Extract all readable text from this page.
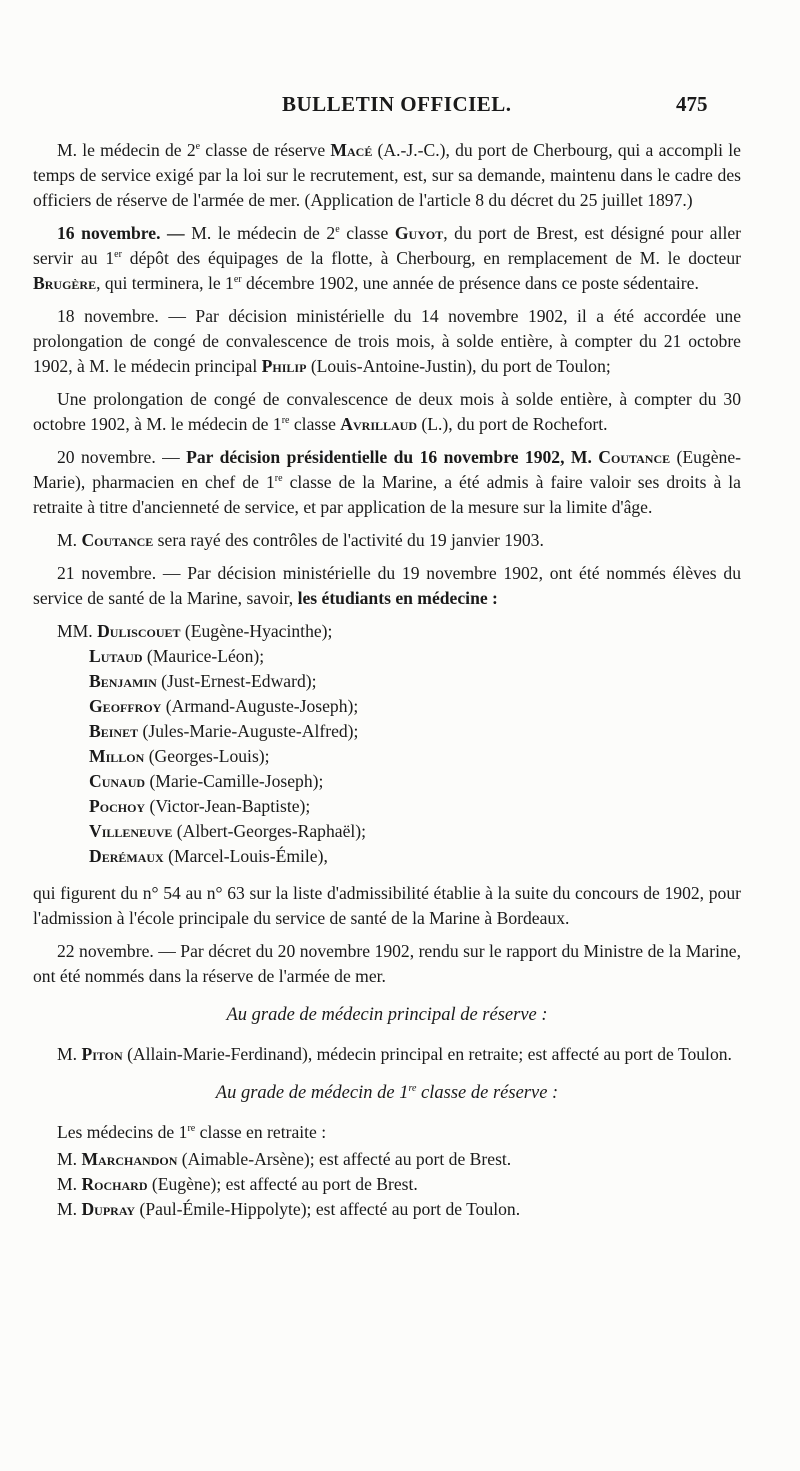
BULLETIN OFFICIEL.	475

M. le médecin de 2e classe de réserve Macé (A.-J.-C.), du port de Cherbourg, qui a accompli le temps de service exigé par la loi sur le recrutement, est, sur sa demande, maintenu dans le cadre des officiers de réserve de l'armée de mer. (Application de l'article 8 du décret du 25 juillet 1897.)

16 novembre. — M. le médecin de 2e classe Guyot, du port de Brest, est désigné pour aller servir au 1er dépôt des équipages de la flotte, à Cherbourg, en remplacement de M. le docteur Brugère, qui terminera, le 1er décembre 1902, une année de présence dans ce poste sédentaire.

18 novembre. — Par décision ministérielle du 14 novembre 1902, il a été accordée une prolongation de congé de convalescence de trois mois, à solde entière, à compter du 21 octobre 1902, à M. le médecin principal Philip (Louis-Antoine-Justin), du port de Toulon;

Une prolongation de congé de convalescence de deux mois à solde entière, à compter du 30 octobre 1902, à M. le médecin de 1re classe Avrillaud (L.), du port de Rochefort.

20 novembre. — Par décision présidentielle du 16 novembre 1902, M. Coutance (Eugène-Marie), pharmacien en chef de 1re classe de la Marine, a été admis à faire valoir ses droits à la retraite à titre d'ancienneté de service, et par application de la mesure sur la limite d'âge.

M. Coutance sera rayé des contrôles de l'activité du 19 janvier 1903.

21 novembre. — Par décision ministérielle du 19 novembre 1902, ont été nommés élèves du service de santé de la Marine, savoir, les étudiants en médecine :

MM. Duliscouet (Eugène-Hyacinthe);
Lutaud (Maurice-Léon);
Benjamin (Just-Ernest-Edward);
Geoffroy (Armand-Auguste-Joseph);
Beinet (Jules-Marie-Auguste-Alfred);
Millon (Georges-Louis);
Cunaud (Marie-Camille-Joseph);
Pochoy (Victor-Jean-Baptiste);
Villeneuve (Albert-Georges-Raphaël);
Derémaux (Marcel-Louis-Émile),

qui figurent du n° 54 au n° 63 sur la liste d'admissibilité établie à la suite du concours de 1902, pour l'admission à l'école principale du service de santé de la Marine à Bordeaux.

22 novembre. — Par décret du 20 novembre 1902, rendu sur le rapport du Ministre de la Marine, ont été nommés dans la réserve de l'armée de mer.

Au grade de médecin principal de réserve :

M. Piton (Allain-Marie-Ferdinand), médecin principal en retraite; est affecté au port de Toulon.

Au grade de médecin de 1re classe de réserve :

Les médecins de 1re classe en retraite :

M. Marchandon (Aimable-Arsène); est affecté au port de Brest.
M. Rochard (Eugène); est affecté au port de Brest.
M. Dupray (Paul-Émile-Hippolyte); est affecté au port de Toulon.
